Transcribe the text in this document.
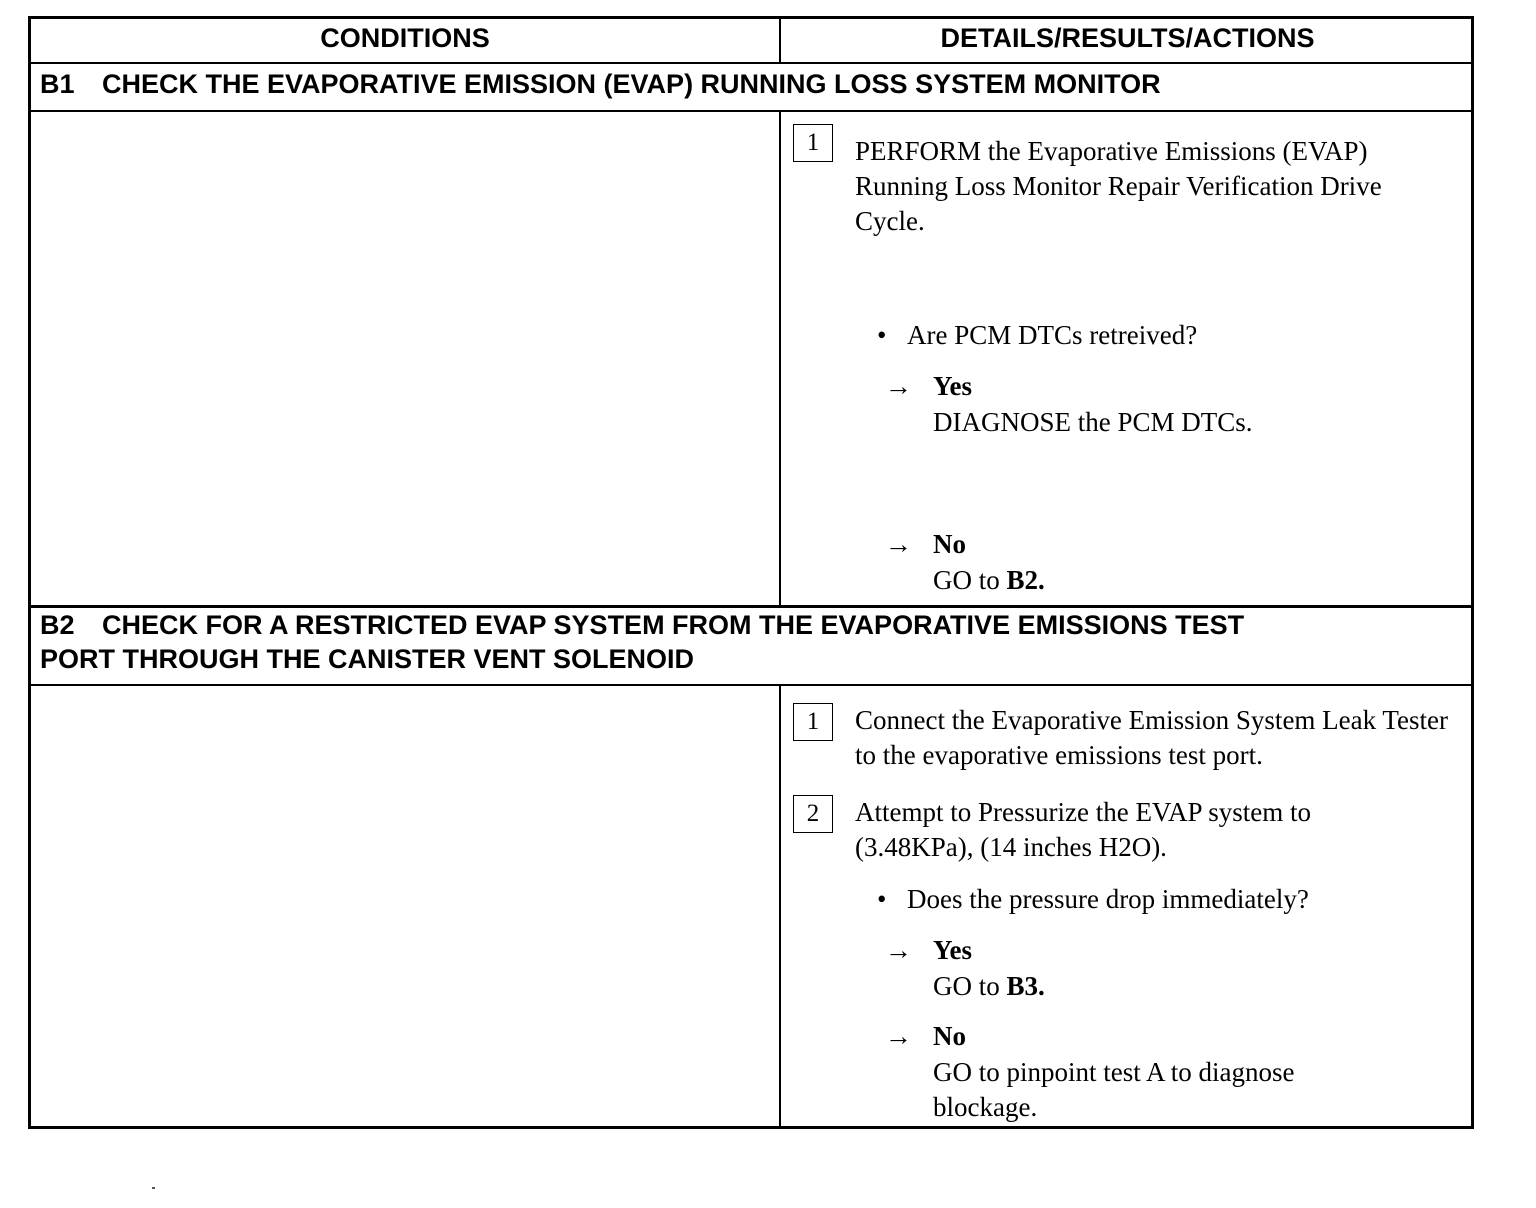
CONDITIONS	DETAILS/RESULTS/ACTIONS
B1 CHECK THE EVAPORATIVE EMISSION (EVAP) RUNNING LOSS SYSTEM MONITOR
1	PERFORM the Evaporative Emissions (EVAP) Running Loss Monitor Repair Verification Drive Cycle.
• Are PCM DTCs retreived?
→ Yes
DIAGNOSE the PCM DTCs.
→ No
GO to B2.
B2 CHECK FOR A RESTRICTED EVAP SYSTEM FROM THE EVAPORATIVE EMISSIONS TEST
PORT THROUGH THE CANISTER VENT SOLENOID
1	Connect the Evaporative Emission System Leak Tester to the evaporative emissions test port.
2	Attempt to Pressurize the EVAP system to (3.48KPa), (14 inches H2O).
• Does the pressure drop immediately?
→ Yes
GO to B3.
→ No
GO to pinpoint test A to diagnose blockage.
